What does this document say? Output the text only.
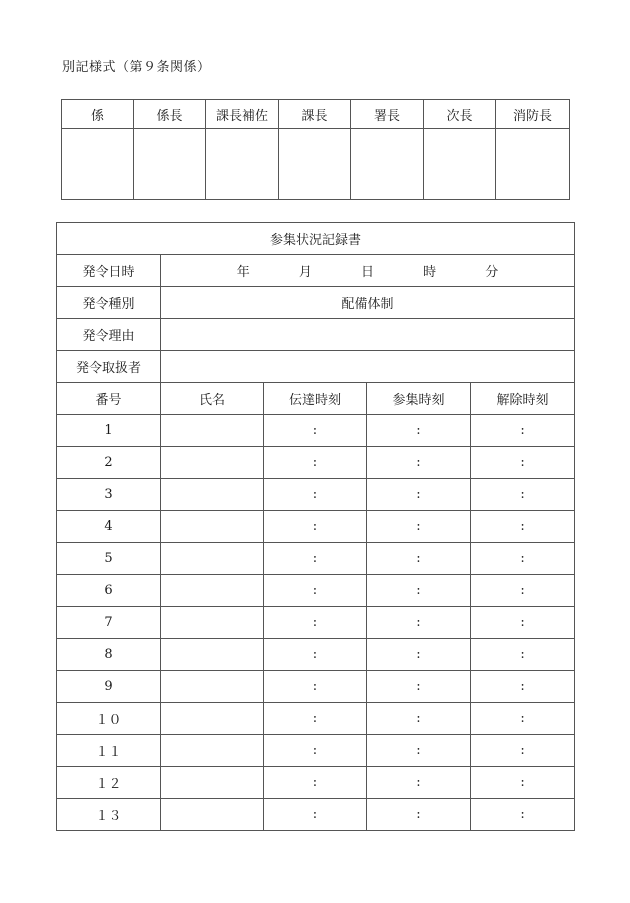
別記様式（第９条関係）
係	係長	課長補佐	課長	署長	次長	消防長

参集状況記録書				
発令日時	年 月 日 時 分			
発令種別	配備体制			
発令理由				
発令取扱者				
番号	氏名	伝達時刻	参集時刻	解除時刻
1		:	:	:
2		:	:	:
3		:	:	:
4		:	:	:
5		:	:	:
6		:	:	:
7		:	:	:
8		:	:	:
9		:	:	:
１０		:	:	:
１１		:	:	:
１２		:	:	:
１３		:	:	:
